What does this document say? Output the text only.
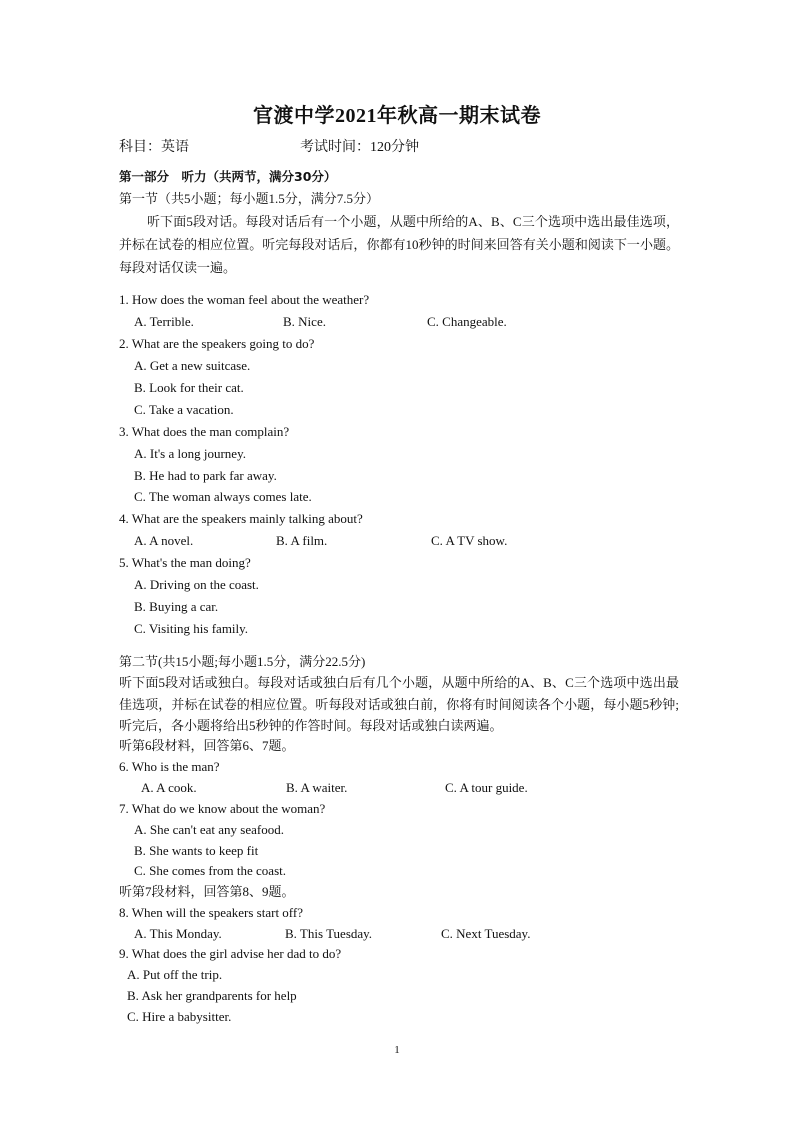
官渡中学2021年秋高一期末试卷
科目：英语	考试时间：120分钟
第一部分　听力（共两节，满分30分）
第一节（共5小题；每小题1.5分，满分7.5分）
听下面5段对话。每段对话后有一个小题，从题中所给的A、B、C三个选项中选出最佳选项，并标在试卷的相应位置。听完每段对话后，你都有10秒钟的时间来回答有关小题和阅读下一小题。每段对话仅读一遍。
1. How does the woman feel about the weather?
A. Terrible.	B. Nice.	C. Changeable.
2. What are the speakers going to do?
A. Get a new suitcase.
B. Look for their cat.
C. Take a vacation.
3. What does the man complain?
A. It's a long journey.
B. He had to park far away.
C. The woman always comes late.
4. What are the speakers mainly talking about?
A. A novel.	B. A film.	C. A TV show.
5. What's the man doing?
A. Driving on the coast.
B. Buying a car.
C. Visiting his family.
第二节(共15小题;每小题1.5分，满分22.5分)
听下面5段对话或独白。每段对话或独白后有几个小题，从题中所给的A、B、C三个选项中选出最佳选项，并标在试卷的相应位置。听每段对话或独白前，你将有时间阅读各个小题，每小题5秒钟;听完后，各小题将给出5秒钟的作答时间。每段对话或独白读两遍。
听第6段材料，回答第6、7题。
6. Who is the man?
A. A cook.	B. A waiter.	C. A tour guide.
7. What do we know about the woman?
A. She can't eat any seafood.
B. She wants to keep fit
C. She comes from the coast.
听第7段材料，回答第8、9题。
8. When will the speakers start off?
A. This Monday.	B. This Tuesday.	C. Next Tuesday.
9. What does the girl advise her dad to do?
A. Put off the trip.
B. Ask her grandparents for help
C. Hire a babysitter.
1
